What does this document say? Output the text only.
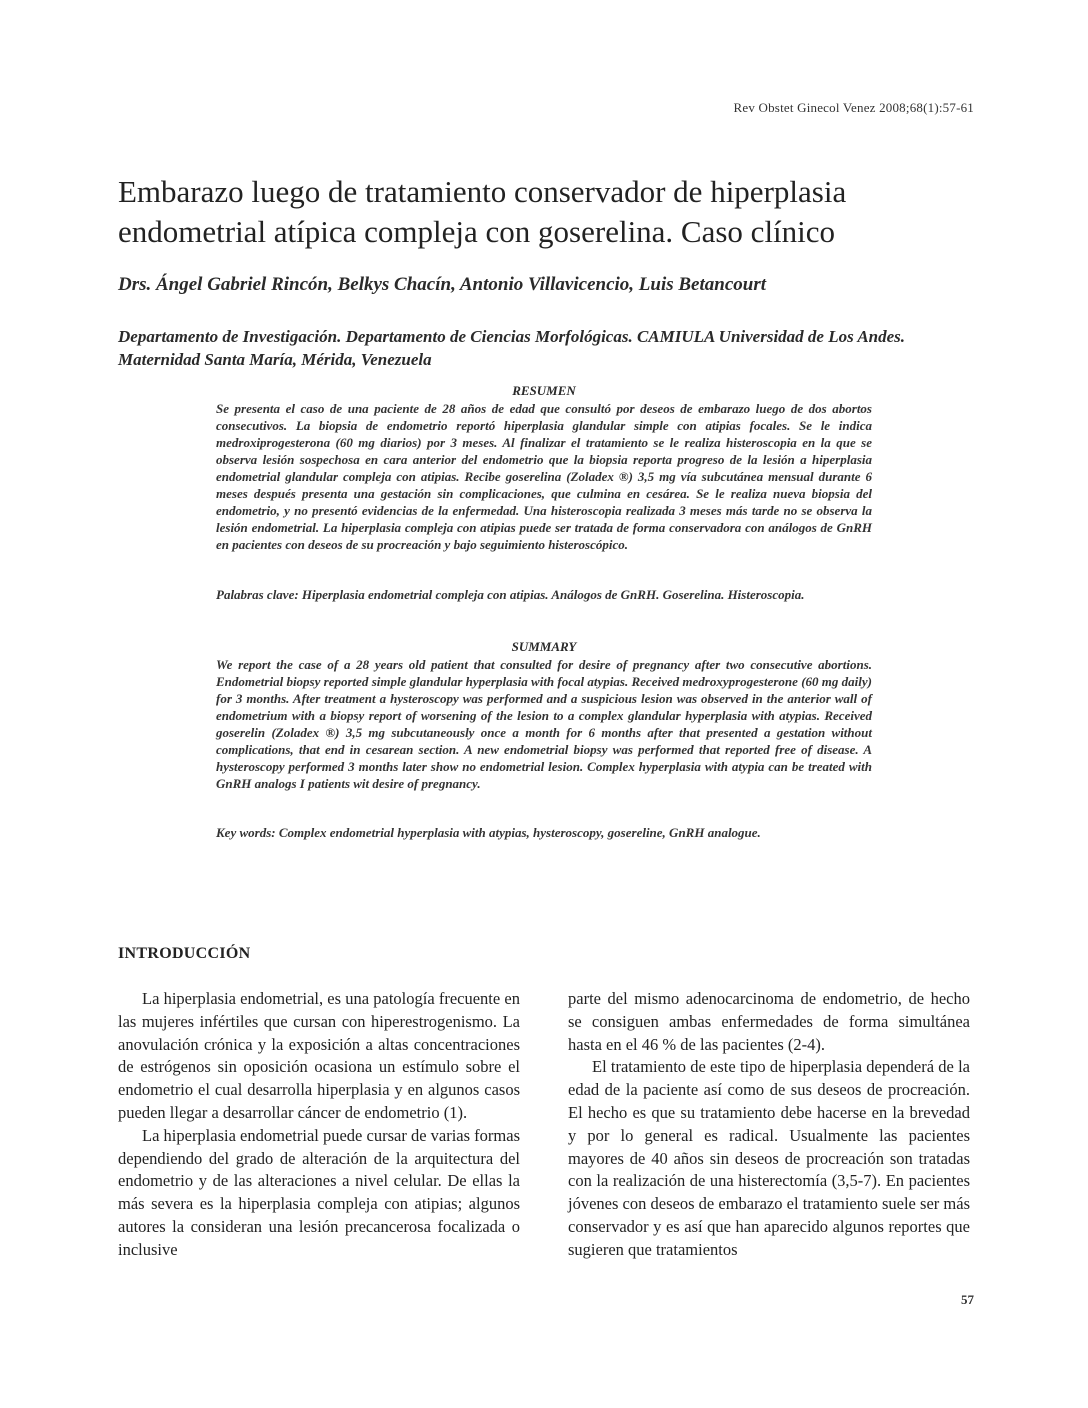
Rev Obstet Ginecol Venez 2008;68(1):57-61
Embarazo luego de tratamiento conservador de hiperplasia endometrial atípica compleja con goserelina. Caso clínico
Drs. Ángel Gabriel Rincón, Belkys Chacín, Antonio Villavicencio, Luis Betancourt

Departamento de Investigación. Departamento de Ciencias Morfológicas. CAMIULA Universidad de Los Andes. Maternidad Santa María, Mérida, Venezuela

RESUMEN

Se presenta el caso de una paciente de 28 años de edad que consultó por deseos de embarazo luego de dos abortos consecutivos. La biopsia de endometrio reportó hiperplasia glandular simple con atipias focales. Se le indica medroxiprogesterona (60 mg diarios) por 3 meses. Al finalizar el tratamiento se le realiza histeroscopia en la que se observa lesión sospechosa en cara anterior del endometrio que la biopsia reporta progreso de la lesión a hiperplasia endometrial glandular compleja con atipias. Recibe goserelina (Zoladex ®) 3,5 mg vía subcutánea mensual durante 6 meses después presenta una gestación sin complicaciones, que culmina en cesárea. Se le realiza nueva biopsia del endometrio, y no presentó evidencias de la enfermedad. Una histeroscopia realizada 3 meses más tarde no se observa la lesión endometrial. La hiperplasia compleja con atipias puede ser tratada de forma conservadora con análogos de GnRH en pacientes con deseos de su procreación y bajo seguimiento histeroscópico.

Palabras clave: Hiperplasia endometrial compleja con atipias. Análogos de GnRH. Goserelina. Histeroscopia.

SUMMARY

We report the case of a 28 years old patient that consulted for desire of pregnancy after two consecutive abortions. Endometrial biopsy reported simple glandular hyperplasia with focal atypias. Received medroxyprogesterone (60 mg daily) for 3 months. After treatment a hysteroscopy was performed and a suspicious lesion was observed in the anterior wall of endometrium with a biopsy report of worsening of the lesion to a complex glandular hyperplasia with atypias. Received goserelin (Zoladex ®) 3,5 mg subcutaneously once a month for 6 months after that presented a gestation without complications, that end in cesarean section. A new endometrial biopsy was performed that reported free of disease. A hysteroscopy performed 3 months later show no endometrial lesion. Complex hyperplasia with atypia can be treated with GnRH analogs I patients wit desire of pregnancy.

Key words: Complex endometrial hyperplasia with atypias, hysteroscopy, gosereline, GnRH analogue.

INTRODUCCIÓN

La hiperplasia endometrial, es una patología frecuente en las mujeres infértiles que cursan con hiperestrogenismo. La anovulación crónica y la exposición a altas concentraciones de estrógenos sin oposición ocasiona un estímulo sobre el endometrio el cual desarrolla hiperplasia y en algunos casos pueden llegar a desarrollar cáncer de endometrio (1).

La hiperplasia endometrial puede cursar de varias formas dependiendo del grado de alteración de la arquitectura del endometrio y de las alteraciones a nivel celular. De ellas la más severa es la hiperplasia compleja con atipias; algunos autores la consideran una lesión precancerosa focalizada o inclusive

parte del mismo adenocarcinoma de endometrio, de hecho se consiguen ambas enfermedades de forma simultánea hasta en el 46 % de las pacientes (2-4).

El tratamiento de este tipo de hiperplasia dependerá de la edad de la paciente así como de sus deseos de procreación. El hecho es que su tratamiento debe hacerse en la brevedad y por lo general es radical. Usualmente las pacientes mayores de 40 años sin deseos de procreación son tratadas con la realización de una histerectomía (3,5-7). En pacientes jóvenes con deseos de embarazo el tratamiento suele ser más conservador y es así que han aparecido algunos reportes que sugieren que tratamientos

57
